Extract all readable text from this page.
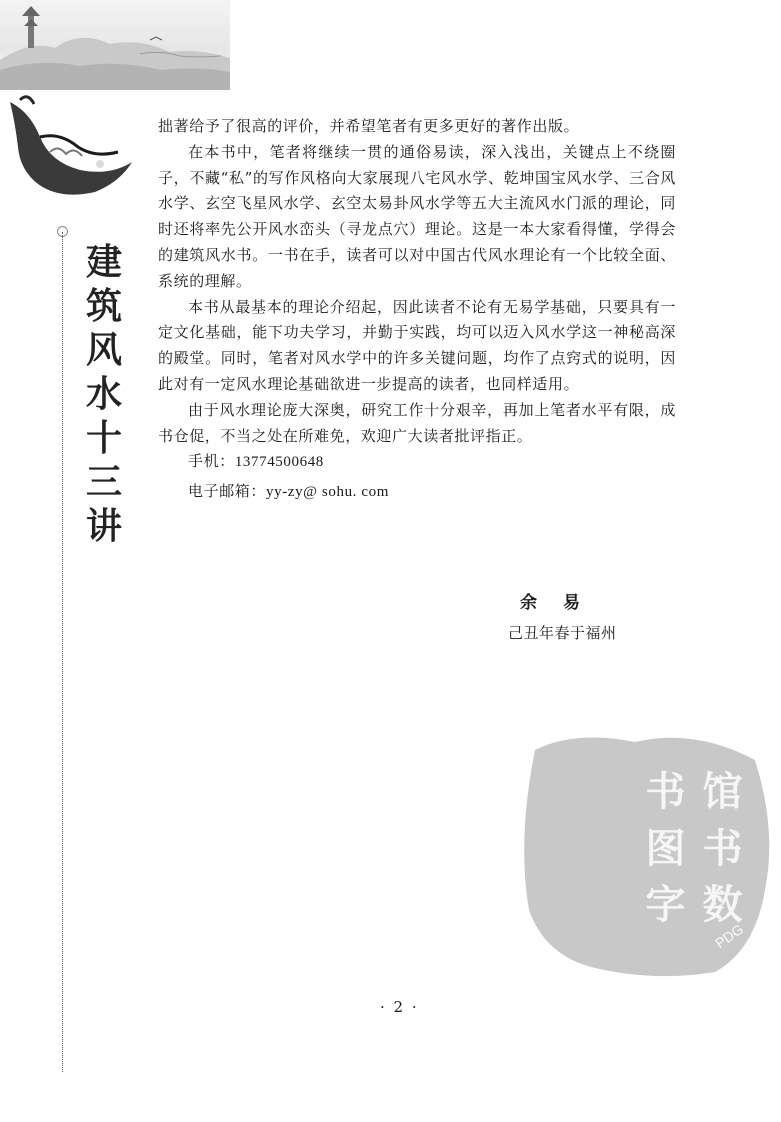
建筑风水十三讲

拙著给予了很高的评价，并希望笔者有更多更好的著作出版。

在本书中，笔者将继续一贯的通俗易读，深入浅出，关键点上不绕圈子，不藏“私”的写作风格向大家展现八宅风水学、乾坤国宝风水学、三合风水学、玄空飞星风水学、玄空太易卦风水学等五大主流风水门派的理论，同时还将率先公开风水峦头（寻龙点穴）理论。这是一本大家看得懂，学得会的建筑风水书。一书在手，读者可以对中国古代风水理论有一个比较全面、系统的理解。

本书从最基本的理论介绍起，因此读者不论有无易学基础，只要具有一定文化基础，能下功夫学习，并勤于实践，均可以迈入风水学这一神秘高深的殿堂。同时，笔者对风水学中的许多关键问题，均作了点窍式的说明，因此对有一定风水理论基础欲进一步提高的读者，也同样适用。

由于风水理论庞大深奥，研究工作十分艰辛，再加上笔者水平有限，成书仓促，不当之处在所难免，欢迎广大读者批评指正。

手机：13774500648

电子邮箱：yy-zy@ sohu. com

余易
己丑年春于福州
· 2 ·
数字
书图
馆书
PDG
